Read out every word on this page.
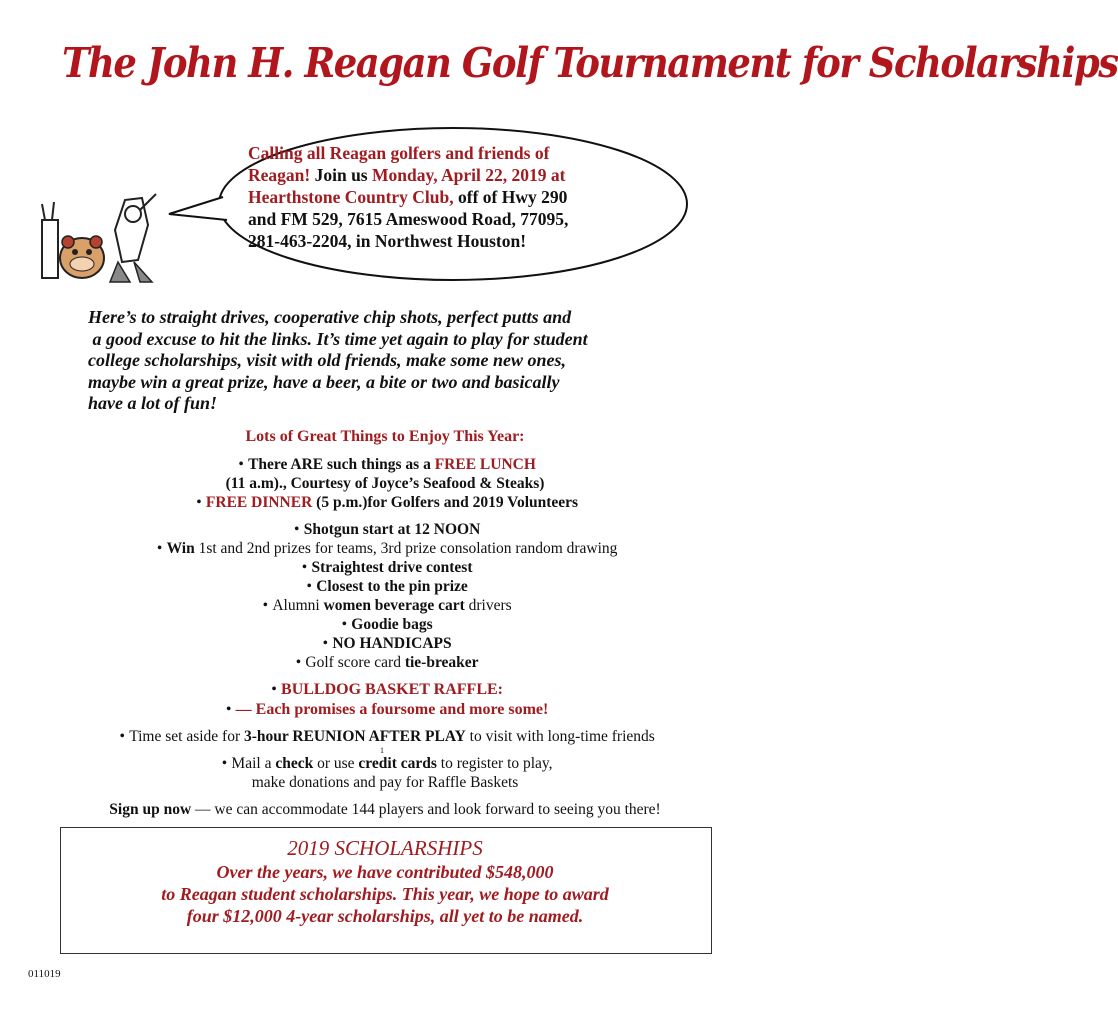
The John H. Reagan Golf Tournament for Scholarships
Calling all Reagan golfers and friends of
Reagan! Join us Monday, April 22, 2019 at
Hearthstone Country Club, off of Hwy 290
and FM 529, 7615 Ameswood Road, 77095,
281-463-2204, in Northwest Houston!
Here’s to straight drives, cooperative chip shots, perfect putts and
a good excuse to hit the links. It’s time yet again to play for student
college scholarships, visit with old friends, make some new ones,
maybe win a great prize, have a beer, a bite or two and basically
have a lot of fun!
Lots of Great Things to Enjoy This Year:
• There ARE such things as a FREE LUNCH
(11 a.m)., Courtesy of Joyce’s Seafood & Steaks)
• FREE DINNER (5 p.m.)for Golfers and 2019 Volunteers
• Shotgun start at 12 NOON
• Win 1st and 2nd prizes for teams, 3rd prize consolation random drawing
• Straightest drive contest
• Closest to the pin prize
• Alumni women beverage cart drivers
• Goodie bags
• NO HANDICAPS
• Golf score card tie-breaker
• BULLDOG BASKET RAFFLE:
• — Each promises a foursome and more some!
• Time set aside for 3-hour REUNION AFTER PLAY to visit with long-time friends
1
• Mail a check or use credit cards to register to play,
make donations and pay for Raffle Baskets
Sign up now — we can accommodate 144 players and look forward to seeing you there!
2019 SCHOLARSHIPS
Over the years, we have contributed $548,000
to Reagan student scholarships. This year, we hope to award
four $12,000 4-year scholarships, all yet to be named.
011019
